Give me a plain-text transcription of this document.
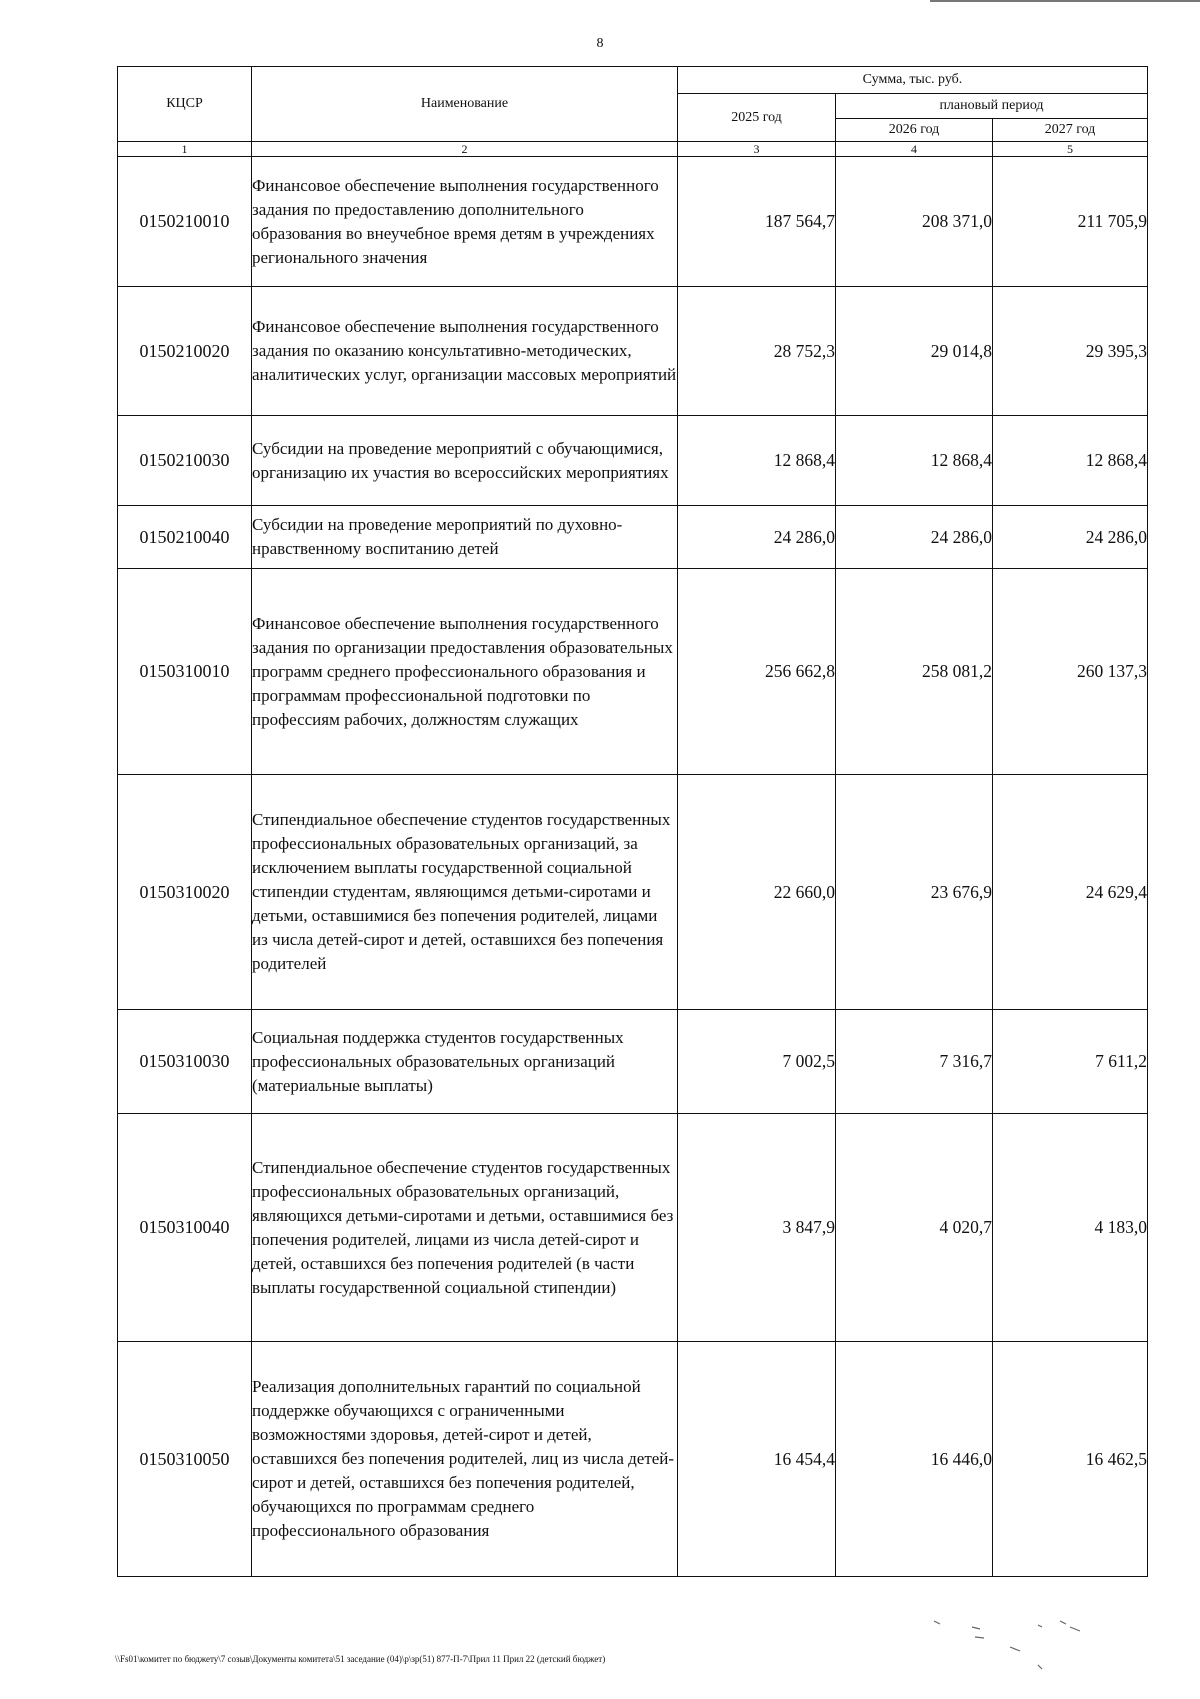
8
КЦСР	Наименование	Сумма, тыс. руб.		
		2025 год	плановый период	
			2026 год	2027 год
1	2	3	4	5
0150210010	Финансовое обеспечение выполнения государственного задания по предоставлению дополнительного образования во внеучебное время детям в учреждениях регионального значения	187 564,7	208 371,0	211 705,9
0150210020	Финансовое обеспечение выполнения государственного задания по оказанию консультативно-методических, аналитических услуг, организации массовых мероприятий	28 752,3	29 014,8	29 395,3
0150210030	Субсидии на проведение мероприятий с обучающимися, организацию их участия во всероссийских мероприятиях	12 868,4	12 868,4	12 868,4
0150210040	Субсидии на проведение мероприятий по духовно-нравственному воспитанию детей	24 286,0	24 286,0	24 286,0
0150310010	Финансовое обеспечение выполнения государственного задания по организации предоставления образовательных программ среднего профессионального образования и программам профессиональной подготовки по профессиям рабочих, должностям служащих	256 662,8	258 081,2	260 137,3
0150310020	Стипендиальное обеспечение студентов государственных профессиональных образовательных организаций, за исключением выплаты государственной социальной стипендии студентам, являющимся детьми-сиротами и детьми, оставшимися без попечения родителей, лицами из числа детей-сирот и детей, оставшихся без попечения родителей	22 660,0	23 676,9	24 629,4
0150310030	Социальная поддержка студентов государственных профессиональных образовательных организаций (материальные выплаты)	7 002,5	7 316,7	7 611,2
0150310040	Стипендиальное обеспечение студентов государственных профессиональных образовательных организаций, являющихся детьми-сиротами и детьми, оставшимися без попечения родителей, лицами из числа детей-сирот и детей, оставшихся без попечения родителей (в части выплаты государственной социальной стипендии)	3 847,9	4 020,7	4 183,0
0150310050	Реализация дополнительных гарантий по социальной поддержке обучающихся с ограниченными возможностями здоровья, детей-сирот и детей, оставшихся без попечения родителей, лиц из числа детей-сирот и детей, оставшихся без попечения родителей, обучающихся по программам среднего профессионального образования	16 454,4	16 446,0	16 462,5
\\Fs01\комитет по бюджету\7 созыв\Документы комитета\51 заседание (04)\р\зр(51) 877-П-7\Прил 11 Прил 22 (детский бюджет)
